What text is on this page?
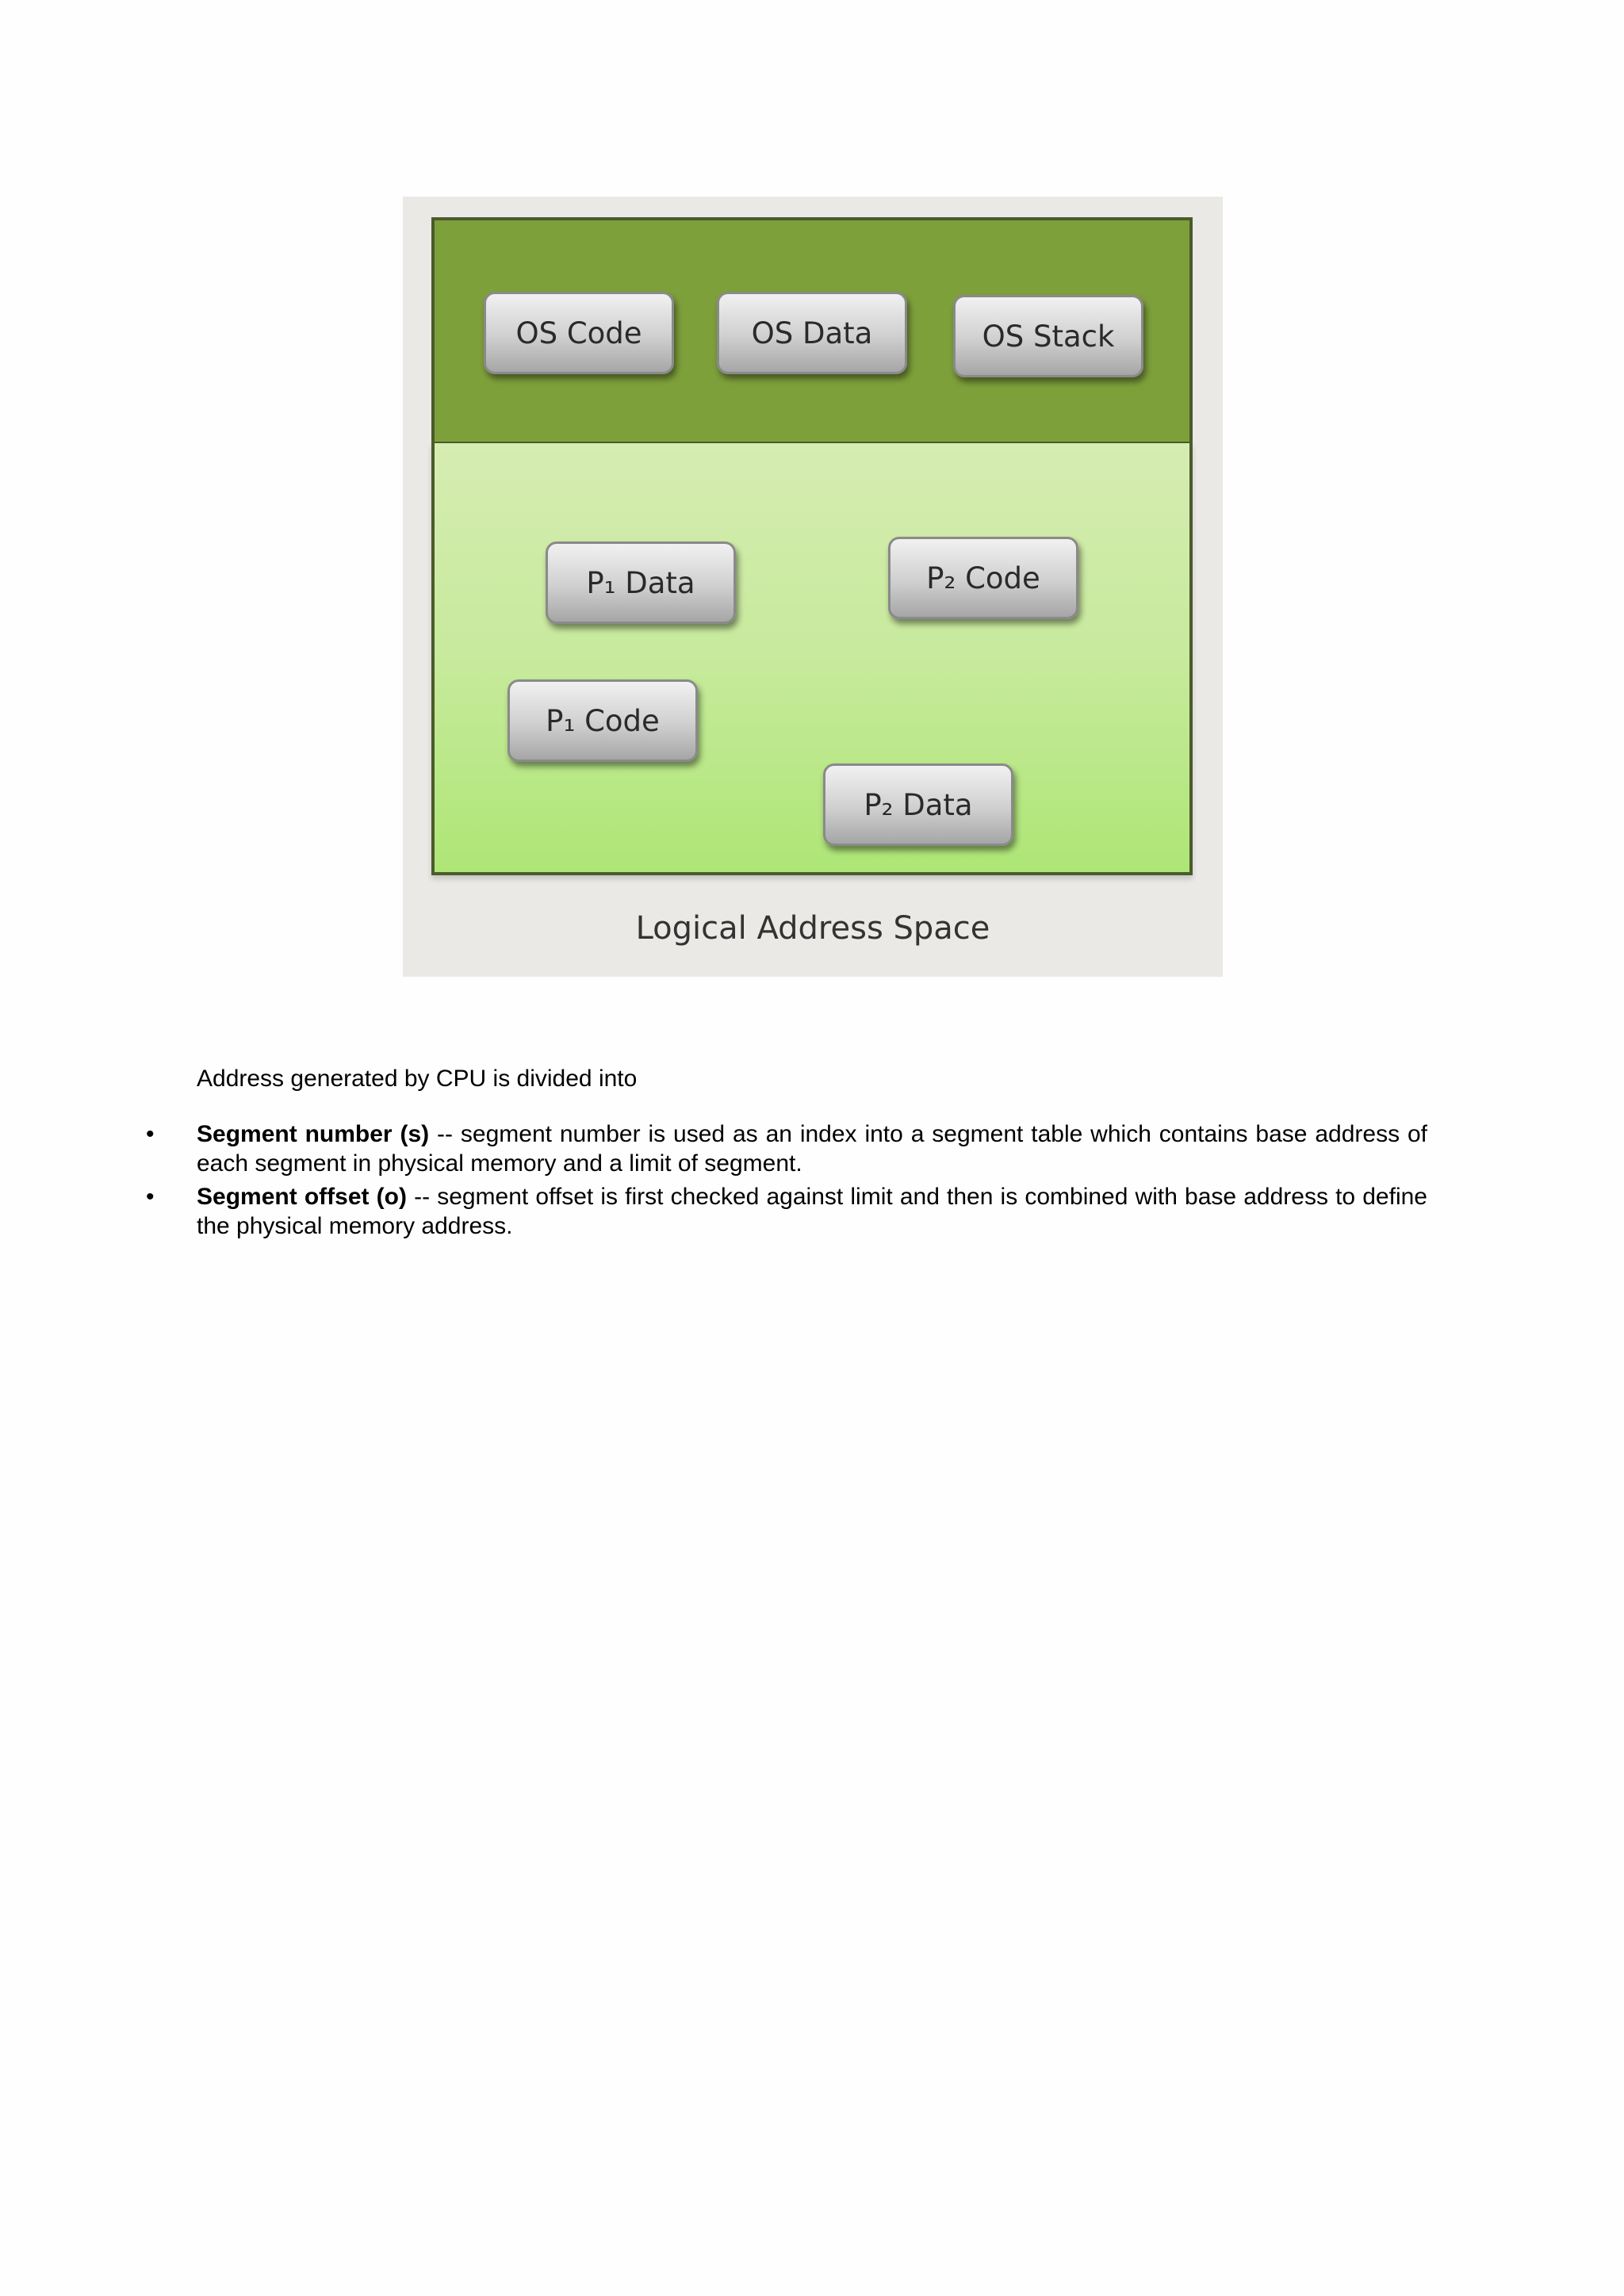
OS Code	OS Data	OS Stack
P₁ Data	P₂ Code
P₁ Code
P₂ Data
Logical Address Space
Address generated by CPU is divided into
• Segment number (s) -- segment number is used as an index into a segment table which contains base address of each segment in physical memory and a limit of segment.
• Segment offset (o) -- segment offset is first checked against limit and then is combined with base address to define the physical memory address.
